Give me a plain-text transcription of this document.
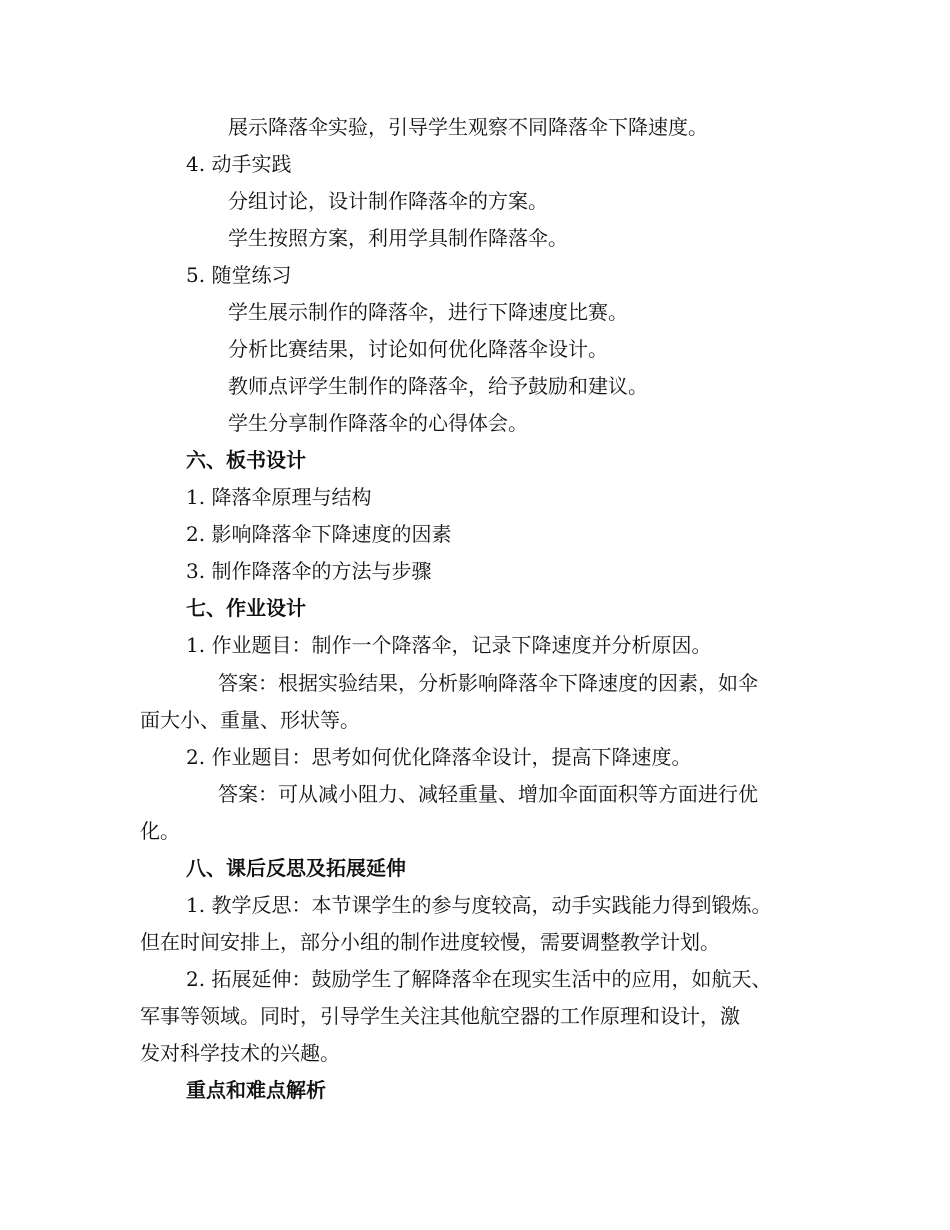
展示降落伞实验，引导学生观察不同降落伞下降速度。
4. 动手实践
分组讨论，设计制作降落伞的方案。
学生按照方案，利用学具制作降落伞。
5. 随堂练习
学生展示制作的降落伞，进行下降速度比赛。
分析比赛结果，讨论如何优化降落伞设计。
教师点评学生制作的降落伞，给予鼓励和建议。
学生分享制作降落伞的心得体会。
六、板书设计
1. 降落伞原理与结构
2. 影响降落伞下降速度的因素
3. 制作降落伞的方法与步骤
七、作业设计
1. 作业题目：制作一个降落伞，记录下降速度并分析原因。
答案：根据实验结果，分析影响降落伞下降速度的因素，如伞
面大小、重量、形状等。
2. 作业题目：思考如何优化降落伞设计，提高下降速度。
答案：可从减小阻力、减轻重量、增加伞面面积等方面进行优
化。
八、课后反思及拓展延伸
1. 教学反思：本节课学生的参与度较高，动手实践能力得到锻炼。
但在时间安排上，部分小组的制作进度较慢，需要调整教学计划。
2. 拓展延伸：鼓励学生了解降落伞在现实生活中的应用，如航天、
军事等领域。同时，引导学生关注其他航空器的工作原理和设计，激
发对科学技术的兴趣。
重点和难点解析
